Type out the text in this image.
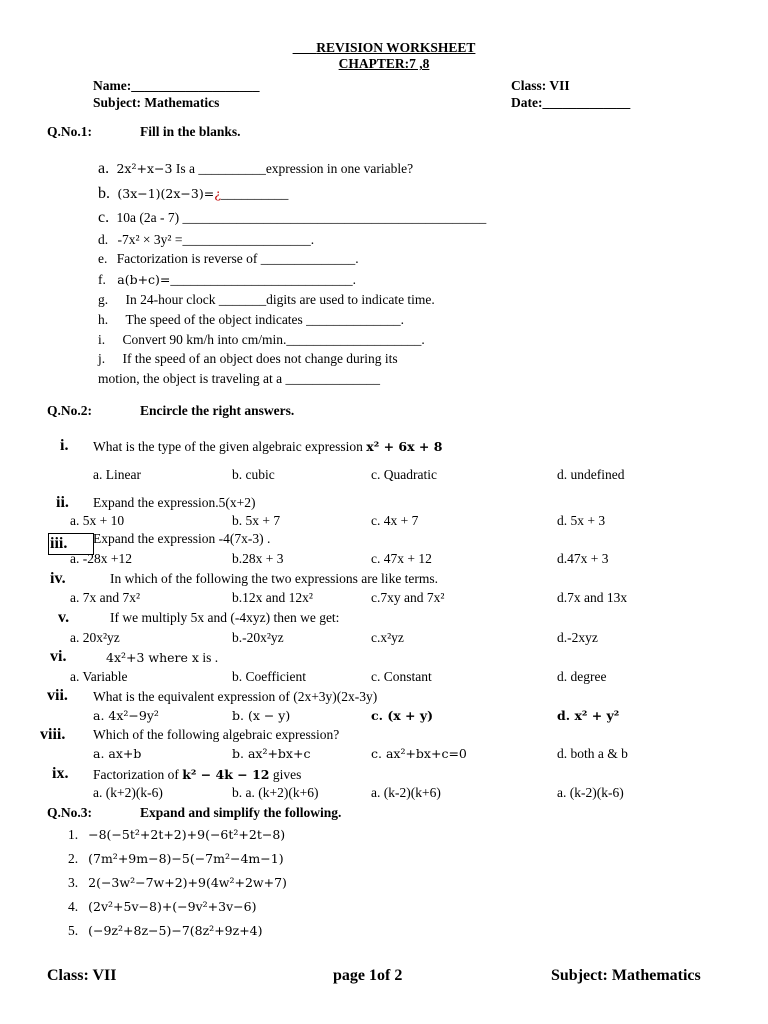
REVISION WORKSHEET
CHAPTER:7 ,8
Name:___________________	Class: VII
Subject: Mathematics	Date:_____________
Q.No.1:	Fill in the blanks.
a. 2x²+x−3 Is a __________expression in one variable?
b. (3x−1)(2x−3)=¿__________
c. 10a (2a - 7) _____________________________________________
d. -7x² × 3y² =___________________.
e. Factorization is reverse of ______________.
f. a(b+c)=___________________________.
g. In 24-hour clock _______digits are used to indicate time.
h. The speed of the object indicates ______________.
i. Convert 90 km/h into cm/min.____________________.
j. If the speed of an object does not change during its
motion, the object is traveling at a ______________
Q.No.2:	Encircle the right answers.
i. What is the type of the given algebraic expression x² + 6x + 8
a. Linear	b. cubic	c. Quadratic	d. undefined
ii. Expand the expression.5(x+2)
a. 5x + 10	b. 5x + 7	c. 4x + 7	d. 5x + 3
iii.	Expand the expression -4(7x-3) .
a. -28x +12	b.28x + 3	c. 47x + 12	d.47x + 3
iv.	In which of the following the two expressions are like terms.
a. 7x and 7x²	b.12x and 12x²	c.7xy and 7x²	d.7x and 13x
v.	If we multiply 5x and (-4xyz) then we get:
a. 20x²yz	b.-20x²yz	c.x²yz	d.-2xyz
vi.	4x²+3 where x is .
a. Variable	b. Coefficient	c. Constant	d. degree
vii. What is the equivalent expression of (2x+3y)(2x-3y)
a. 4x²−9y²	b. (x − y)	c. (x + y)	d. x² + y²
viii. Which of the following algebraic expression?
a. ax+b	b. ax²+bx+c	c. ax²+bx+c=0	d. both a & b
ix. Factorization of k² − 4k − 12 gives
a. (k+2)(k-6)	b. a. (k+2)(k+6)	a. (k-2)(k+6)	a. (k-2)(k-6)
Q.No.3:	Expand and simplify the following.
1. −8(−5t²+2t+2)+9(−6t²+2t−8)
2. (7m²+9m−8)−5(−7m²−4m−1)
3. 2(−3w²−7w+2)+9(4w²+2w+7)
4. (2v²+5v−8)+(−9v²+3v−6)
5. (−9z²+8z−5)−7(8z²+9z+4)
Class: VII	page 1of 2	Subject: Mathematics
